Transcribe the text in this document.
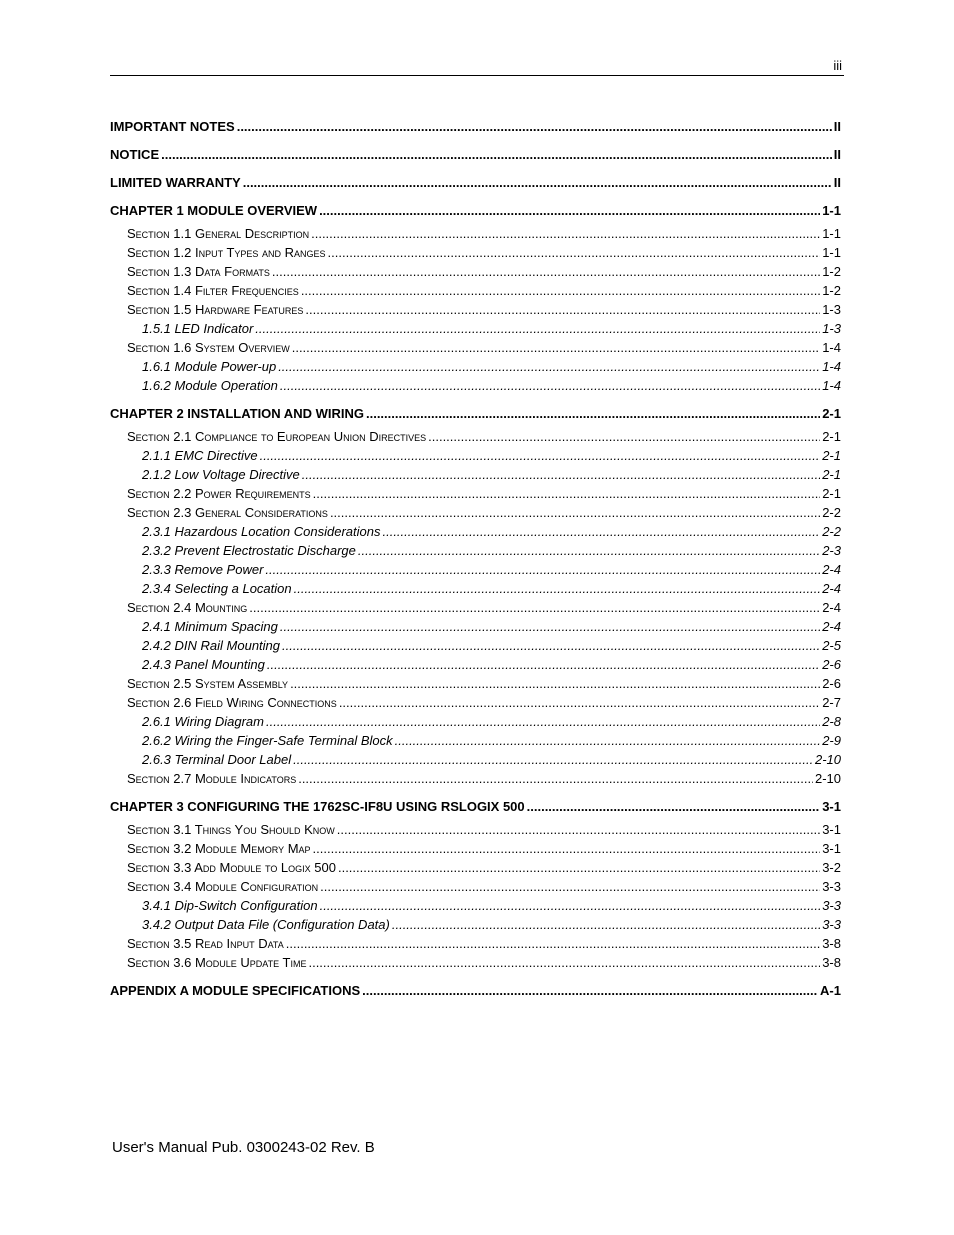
iii
IMPORTANT NOTES .....	II
NOTICE .....	II
LIMITED WARRANTY .....	II
CHAPTER 1 MODULE OVERVIEW .....	1-1
Section 1.1 General Description .....	1-1
Section 1.2 Input Types and Ranges .....	1-1
Section 1.3 Data Formats .....	1-2
Section 1.4 Filter Frequencies .....	1-2
Section 1.5 Hardware Features .....	1-3
1.5.1 LED Indicator .....	1-3
Section 1.6 System Overview .....	1-4
1.6.1 Module Power-up .....	1-4
1.6.2 Module Operation .....	1-4
CHAPTER 2 INSTALLATION AND WIRING .....	2-1
Section 2.1 Compliance to European Union Directives .....	2-1
2.1.1 EMC Directive .....	2-1
2.1.2 Low Voltage Directive .....	2-1
Section 2.2 Power Requirements .....	2-1
Section 2.3 General Considerations .....	2-2
2.3.1 Hazardous Location Considerations .....	2-2
2.3.2 Prevent Electrostatic Discharge .....	2-3
2.3.3 Remove Power .....	2-4
2.3.4 Selecting a Location .....	2-4
Section 2.4 Mounting .....	2-4
2.4.1 Minimum Spacing .....	2-4
2.4.2 DIN Rail Mounting .....	2-5
2.4.3 Panel Mounting .....	2-6
Section 2.5 System Assembly .....	2-6
Section 2.6 Field Wiring Connections .....	2-7
2.6.1 Wiring Diagram .....	2-8
2.6.2 Wiring the Finger-Safe Terminal Block .....	2-9
2.6.3 Terminal Door Label .....	2-10
Section 2.7 Module Indicators .....	2-10
CHAPTER 3 CONFIGURING THE 1762SC-IF8U USING RSLOGIX 500 .....	3-1
Section 3.1 Things You Should Know .....	3-1
Section 3.2 Module Memory Map .....	3-1
Section 3.3 Add Module to Logix 500 .....	3-2
Section 3.4 Module Configuration .....	3-3
3.4.1 Dip-Switch Configuration .....	3-3
3.4.2 Output Data File (Configuration Data) .....	3-3
Section 3.5 Read Input Data .....	3-8
Section 3.6 Module Update Time .....	3-8
APPENDIX A MODULE SPECIFICATIONS .....	A-1
User's Manual Pub. 0300243-02 Rev. B
